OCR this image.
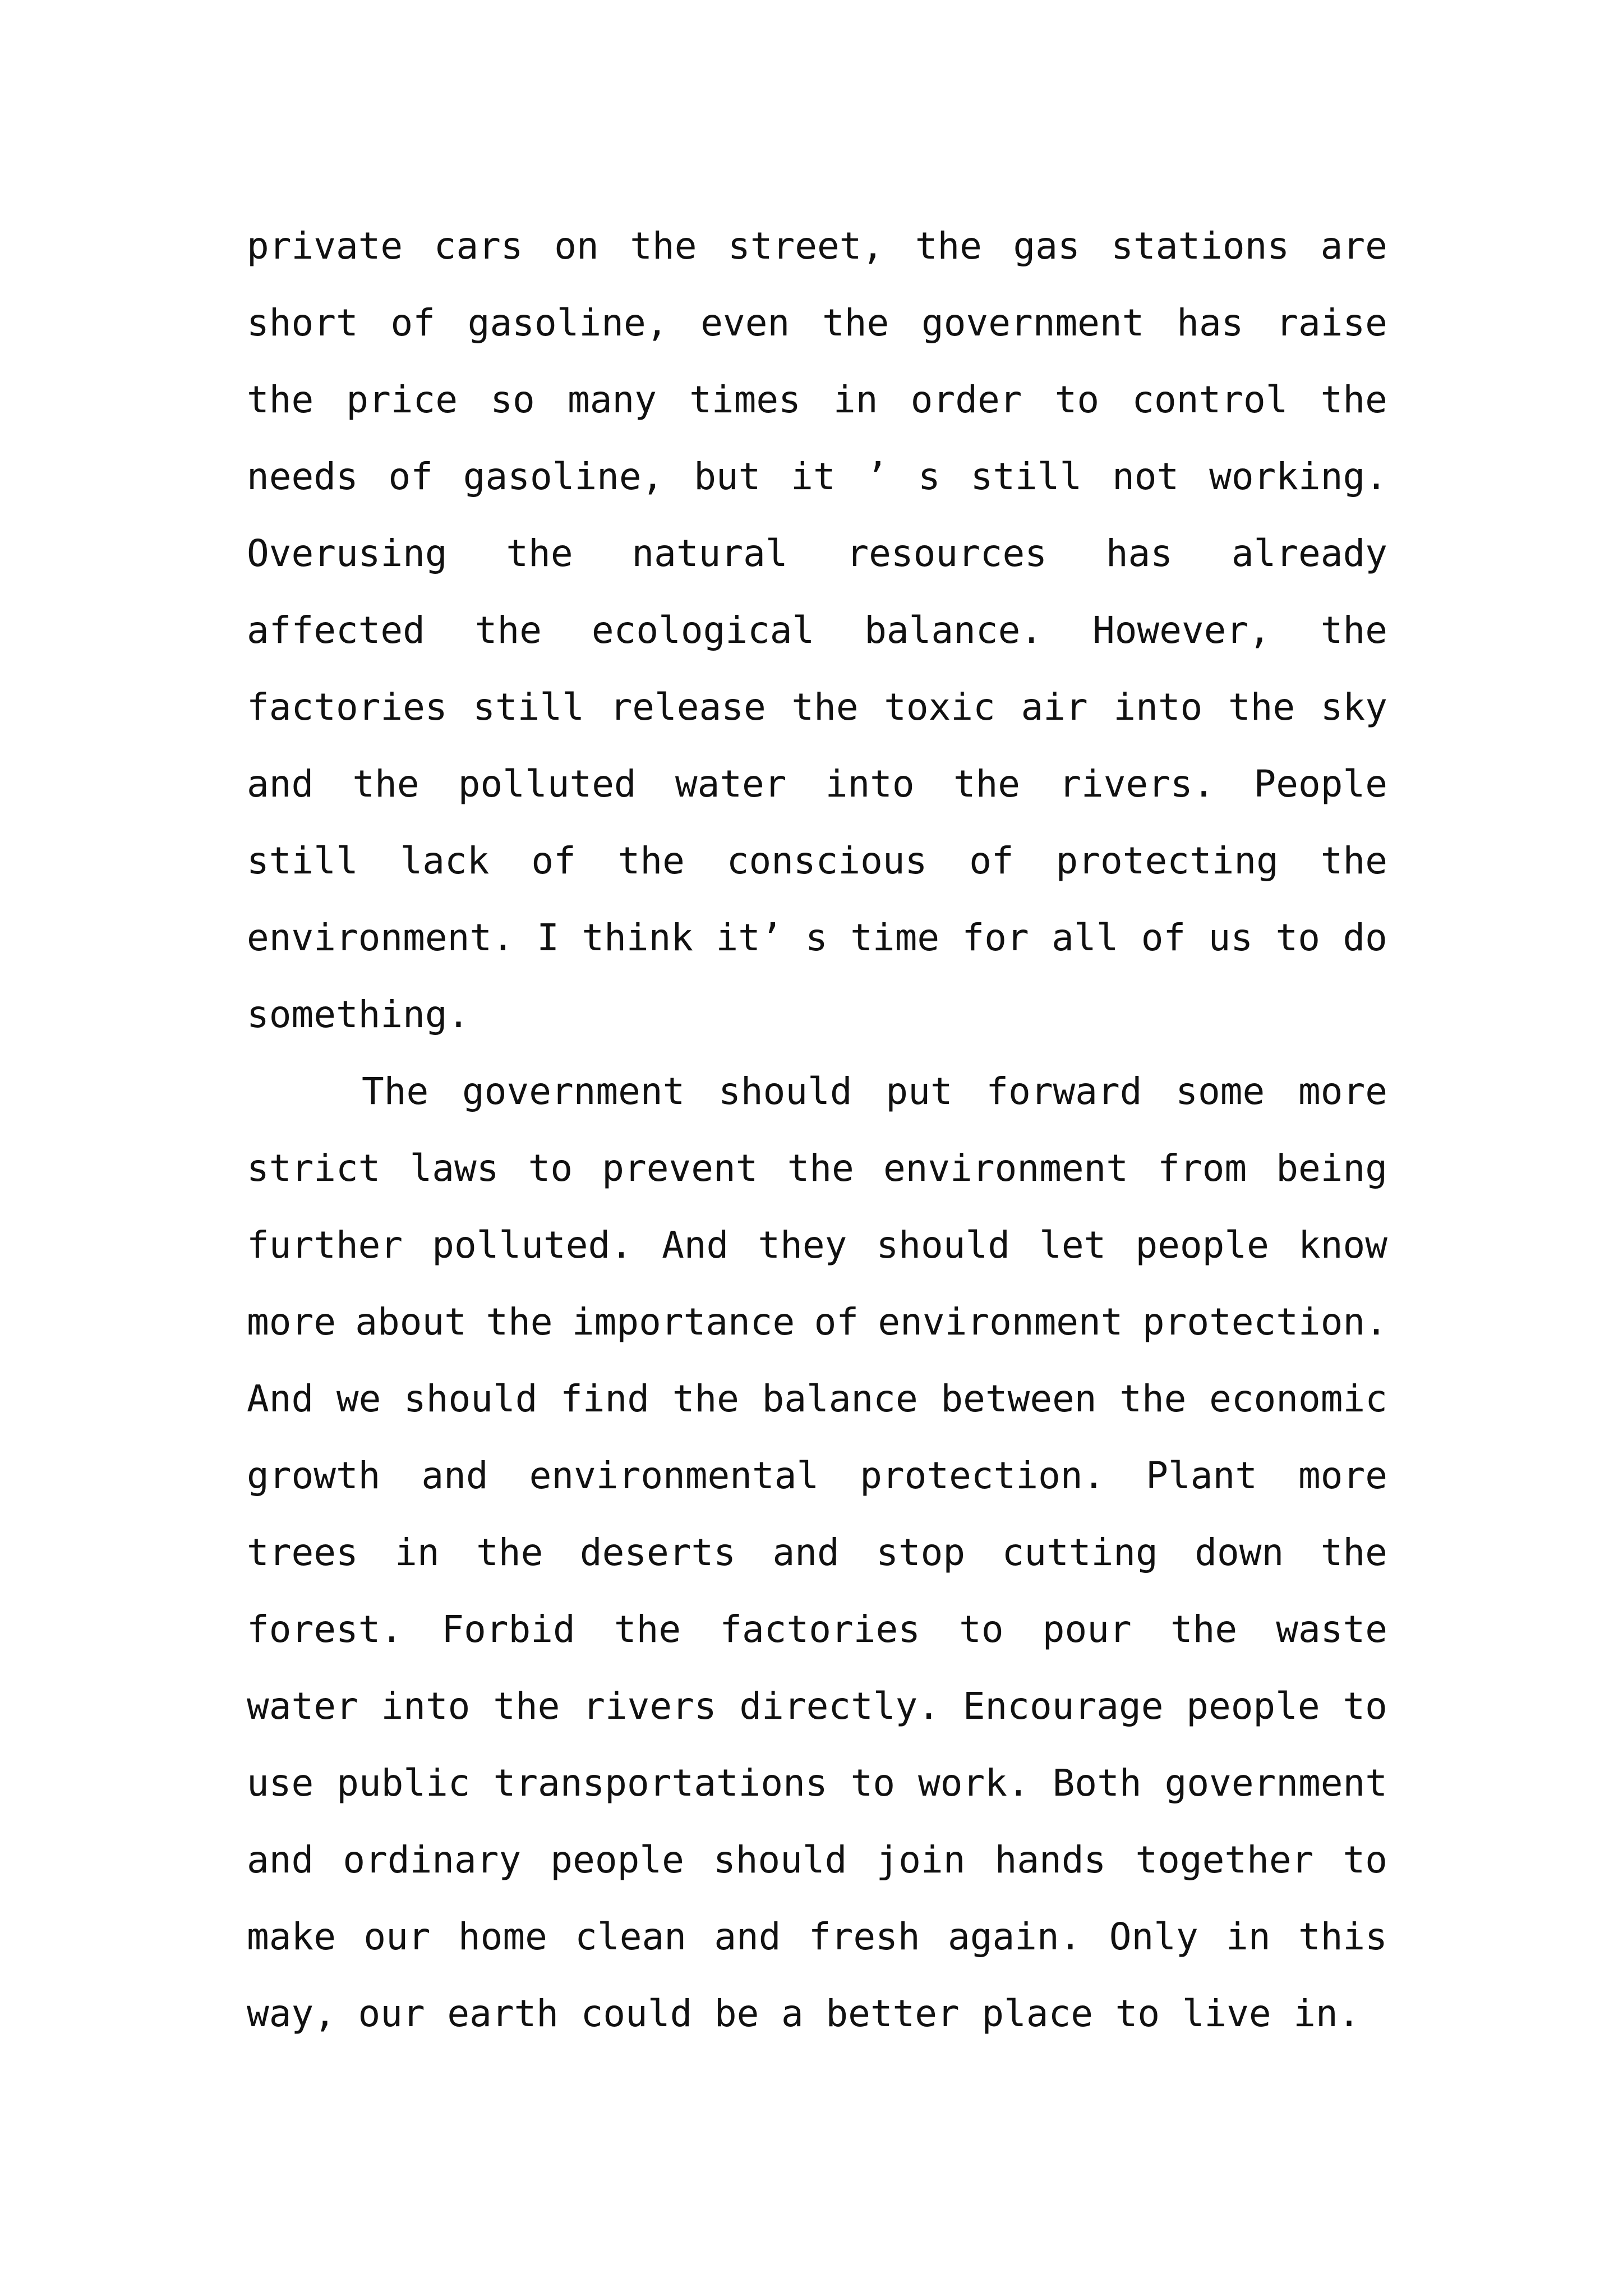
private cars on the street, the gas stations are
short of gasoline, even the government has raise
the price so many times in order to control the
needs of gasoline, but it ’ s still not working.
Overusing the natural resources has already
affected the ecological balance. However, the
factories still release the toxic air into the sky
and the polluted water into the rivers. People
still lack of the conscious of protecting the
environment. I think it’ s time for all of us to do
something.
The government should put forward some more
strict laws to prevent the environment from being
further polluted. And they should let people know
more about the importance of environment protection.
And we should find the balance between the economic
growth and environmental protection. Plant more
trees in the deserts and stop cutting down the
forest. Forbid the factories to pour the waste
water into the rivers directly. Encourage people to
use public transportations to work. Both government
and ordinary people should join hands together to
make our home clean and fresh again. Only in this
way, our earth could be a better place to live in.
